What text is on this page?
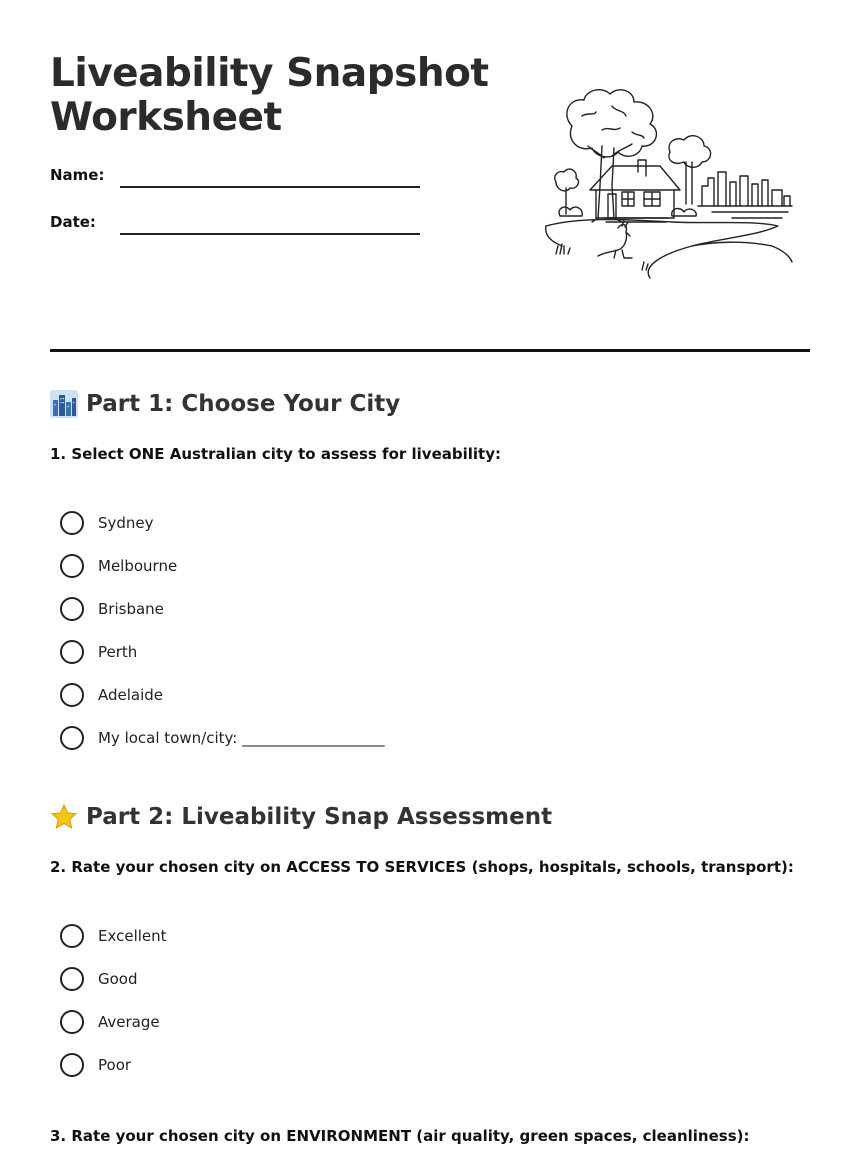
Liveability Snapshot Worksheet
Name:
Date:
Part 1: Choose Your City
1. Select ONE Australian city to assess for liveability:
Sydney
Melbourne
Brisbane
Perth
Adelaide
My local town/city: ___________________
Part 2: Liveability Snap Assessment
2. Rate your chosen city on ACCESS TO SERVICES (shops, hospitals, schools, transport):
Excellent
Good
Average
Poor
3. Rate your chosen city on ENVIRONMENT (air quality, green spaces, cleanliness):
